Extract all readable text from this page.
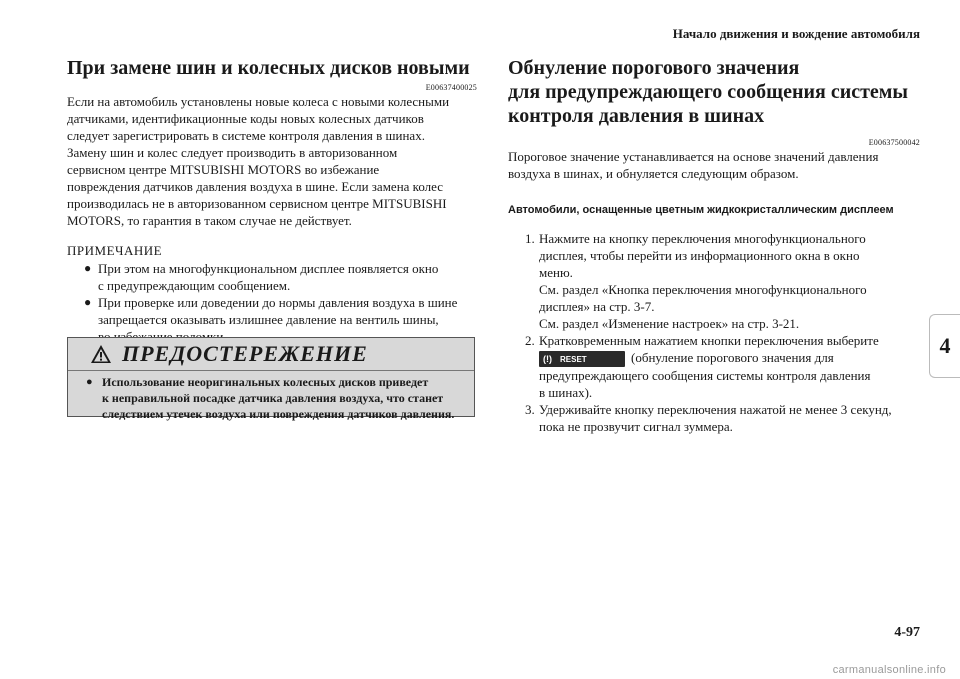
Начало движения и вождение автомобиля
4
При замене шин и колесных дисков новыми
E00637400025

Если на автомобиль установлены новые колеса с новыми колесными
датчиками, идентификационные коды новых колесных датчиков
следует зарегистрировать в системе контроля давления в шинах.
Замену шин и колес следует производить в авторизованном
сервисном центре MITSUBISHI MOTORS во избежание
повреждения датчиков давления воздуха в шине. Если замена колес
производилась не в авторизованном сервисном центре MITSUBISHI
MOTORS, то гарантия в таком случае не действует.

ПРИМЕЧАНИЕ
● При этом на многофункциональном дисплее появляется окно
с предупреждающим сообщением.
● При проверке или доведении до нормы давления воздуха в шине
запрещается оказывать излишнее давление на вентиль шины,

ПРЕДОСТЕРЕЖЕНИЕ
● Использование неоригинальных колесных дисков приведет
к неправильной посадке датчика давления воздуха, что станет
следствием утечек воздуха или повреждения датчиков давления.
Обнуление порогового значения
для предупреждающего сообщения системы
контроля давления в шинах
E00637500042

Пороговое значение устанавливается на основе значений давления
воздуха в шинах, и обнуляется следующим образом.

Автомобили, оснащенные цветным жидкокристаллическим дисплеем
1. Нажмите на кнопку переключения многофункционального
дисплея, чтобы перейти из информационного окна в окно
меню.
См. раздел «Кнопка переключения многофункционального
дисплея» на стр. 3-7.
См. раздел «Изменение настроек» на стр. 3-21.
2. Кратковременным нажатием кнопки переключения выберите

(!) RESET	(обнуление порогового значения для
предупреждающего сообщения системы контроля давления
в шинах).
3. Удерживайте кнопку переключения нажатой не менее 3 секунд,
пока не прозвучит сигнал зуммера.
4-97
carmanualsonline.info
